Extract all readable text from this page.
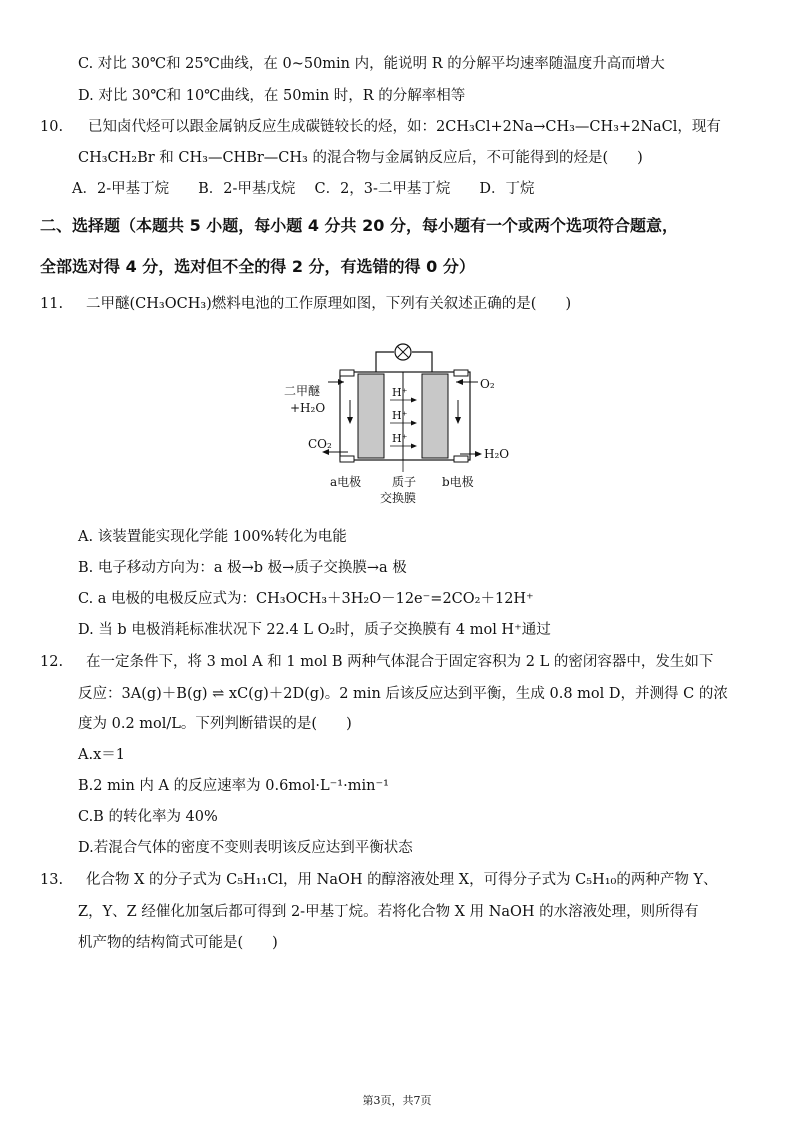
C. 对比 30℃和 25℃曲线，在 0~50min 内，能说明 R 的分解平均速率随温度升高而增大
D. 对比 30℃和 10℃曲线，在 50min 时，R 的分解率相等
10. 已知卤代烃可以跟金属钠反应生成碳链较长的烃，如：2CH₃Cl+2Na→CH₃—CH₃+2NaCl，现有
CH₃CH₂Br 和 CH₃—CHBr—CH₃ 的混合物与金属钠反应后，不可能得到的烃是(　　)
A．2-甲基丁烷　　B．2-甲基戊烷　 C．2，3-二甲基丁烷　　D．丁烷
二、选择题（本题共 5 小题，每小题 4 分共 20 分，每小题有一个或两个选项符合题意，
全部选对得 4 分，选对但不全的得 2 分，有选错的得 0 分）
11. 二甲醚(CH₃OCH₃)燃料电池的工作原理如图，下列有关叙述正确的是(　　)
二甲醚
+H₂O
CO₂
O₂
H₂O
H⁺
H⁺
H⁺
a电极	b电极
质子
交换膜
A. 该装置能实现化学能 100%转化为电能
B. 电子移动方向为：a 极→b 极→质子交换膜→a 极
C. a 电极的电极反应式为：CH₃OCH₃＋3H₂O－12e⁻=2CO₂＋12H⁺
D. 当 b 电极消耗标准状况下 22.4 L O₂时，质子交换膜有 4 mol H⁺通过
12. 在一定条件下，将 3 mol A 和 1 mol B 两种气体混合于固定容积为 2 L 的密闭容器中，发生如下
反应：3A(g)＋B(g) ⇌ xC(g)＋2D(g)。2 min 后该反应达到平衡，生成 0.8 mol D，并测得 C 的浓
度为 0.2 mol/L。下列判断错误的是(　　)
A.x＝1
B.2 min 内 A 的反应速率为 0.6mol·L⁻¹·min⁻¹
C.B 的转化率为 40%
D.若混合气体的密度不变则表明该反应达到平衡状态
13. 化合物 X 的分子式为 C₅H₁₁Cl，用 NaOH 的醇溶液处理 X，可得分子式为 C₅H₁₀的两种产物 Y、
Z，Y、Z 经催化加氢后都可得到 2-甲基丁烷。若将化合物 X 用 NaOH 的水溶液处理，则所得有
机产物的结构简式可能是(　　)
第3页，共7页
